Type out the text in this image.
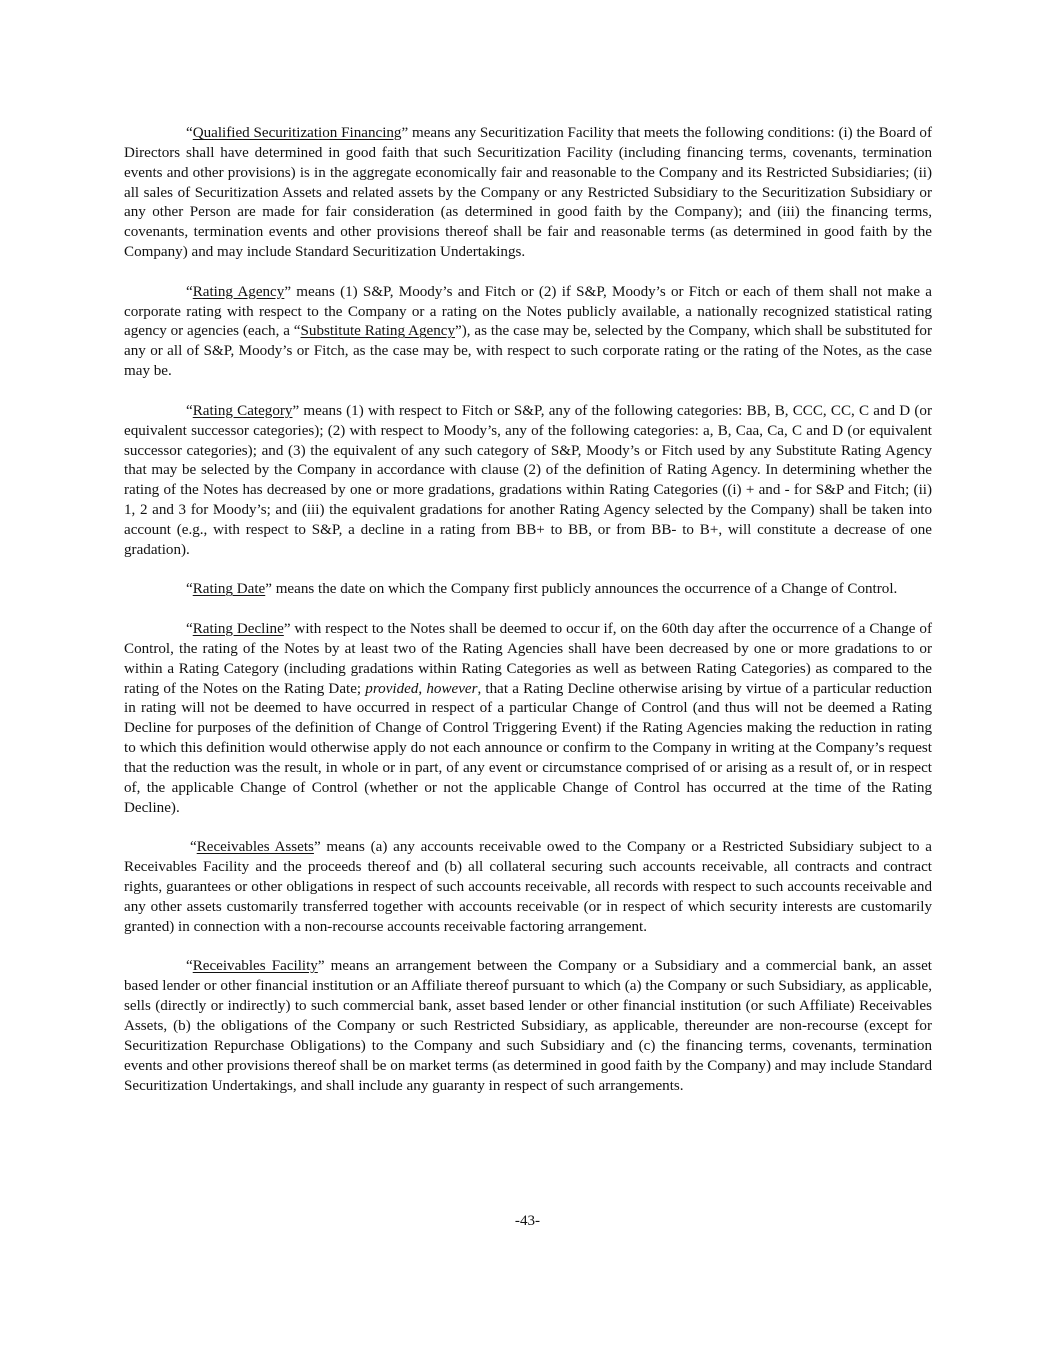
“Qualified Securitization Financing” means any Securitization Facility that meets the following conditions: (i) the Board of Directors shall have determined in good faith that such Securitization Facility (including financing terms, covenants, termination events and other provisions) is in the aggregate economically fair and reasonable to the Company and its Restricted Subsidiaries; (ii) all sales of Securitization Assets and related assets by the Company or any Restricted Subsidiary to the Securitization Subsidiary or any other Person are made for fair consideration (as determined in good faith by the Company); and (iii) the financing terms, covenants, termination events and other provisions thereof shall be fair and reasonable terms (as determined in good faith by the Company) and may include Standard Securitization Undertakings.

“Rating Agency” means (1) S&P, Moody’s and Fitch or (2) if S&P, Moody’s or Fitch or each of them shall not make a corporate rating with respect to the Company or a rating on the Notes publicly available, a nationally recognized statistical rating agency or agencies (each, a “Substitute Rating Agency”), as the case may be, selected by the Company, which shall be substituted for any or all of S&P, Moody’s or Fitch, as the case may be, with respect to such corporate rating or the rating of the Notes, as the case may be.

“Rating Category” means (1) with respect to Fitch or S&P, any of the following categories: BB, B, CCC, CC, C and D (or equivalent successor categories); (2) with respect to Moody’s, any of the following categories: a, B, Caa, Ca, C and D (or equivalent successor categories); and (3) the equivalent of any such category of S&P, Moody’s or Fitch used by any Substitute Rating Agency that may be selected by the Company in accordance with clause (2) of the definition of Rating Agency. In determining whether the rating of the Notes has decreased by one or more gradations, gradations within Rating Categories ((i) + and - for S&P and Fitch; (ii) 1, 2 and 3 for Moody’s; and (iii) the equivalent gradations for another Rating Agency selected by the Company) shall be taken into account (e.g., with respect to S&P, a decline in a rating from BB+ to BB, or from BB- to B+, will constitute a decrease of one gradation).

“Rating Date” means the date on which the Company first publicly announces the occurrence of a Change of Control.

“Rating Decline” with respect to the Notes shall be deemed to occur if, on the 60th day after the occurrence of a Change of Control, the rating of the Notes by at least two of the Rating Agencies shall have been decreased by one or more gradations to or within a Rating Category (including gradations within Rating Categories as well as between Rating Categories) as compared to the rating of the Notes on the Rating Date; provided, however, that a Rating Decline otherwise arising by virtue of a particular reduction in rating will not be deemed to have occurred in respect of a particular Change of Control (and thus will not be deemed a Rating Decline for purposes of the definition of Change of Control Triggering Event) if the Rating Agencies making the reduction in rating to which this definition would otherwise apply do not each announce or confirm to the Company in writing at the Company’s request that the reduction was the result, in whole or in part, of any event or circumstance comprised of or arising as a result of, or in respect of, the applicable Change of Control (whether or not the applicable Change of Control has occurred at the time of the Rating Decline).

“Receivables Assets” means (a) any accounts receivable owed to the Company or a Restricted Subsidiary subject to a Receivables Facility and the proceeds thereof and (b) all collateral securing such accounts receivable, all contracts and contract rights, guarantees or other obligations in respect of such accounts receivable, all records with respect to such accounts receivable and any other assets customarily transferred together with accounts receivable (or in respect of which security interests are customarily granted) in connection with a non-recourse accounts receivable factoring arrangement.

“Receivables Facility” means an arrangement between the Company or a Subsidiary and a commercial bank, an asset based lender or other financial institution or an Affiliate thereof pursuant to which (a) the Company or such Subsidiary, as applicable, sells (directly or indirectly) to such commercial bank, asset based lender or other financial institution (or such Affiliate) Receivables Assets, (b) the obligations of the Company or such Restricted Subsidiary, as applicable, thereunder are non-recourse (except for Securitization Repurchase Obligations) to the Company and such Subsidiary and (c) the financing terms, covenants, termination events and other provisions thereof shall be on market terms (as determined in good faith by the Company) and may include Standard Securitization Undertakings, and shall include any guaranty in respect of such arrangements.

-43-
